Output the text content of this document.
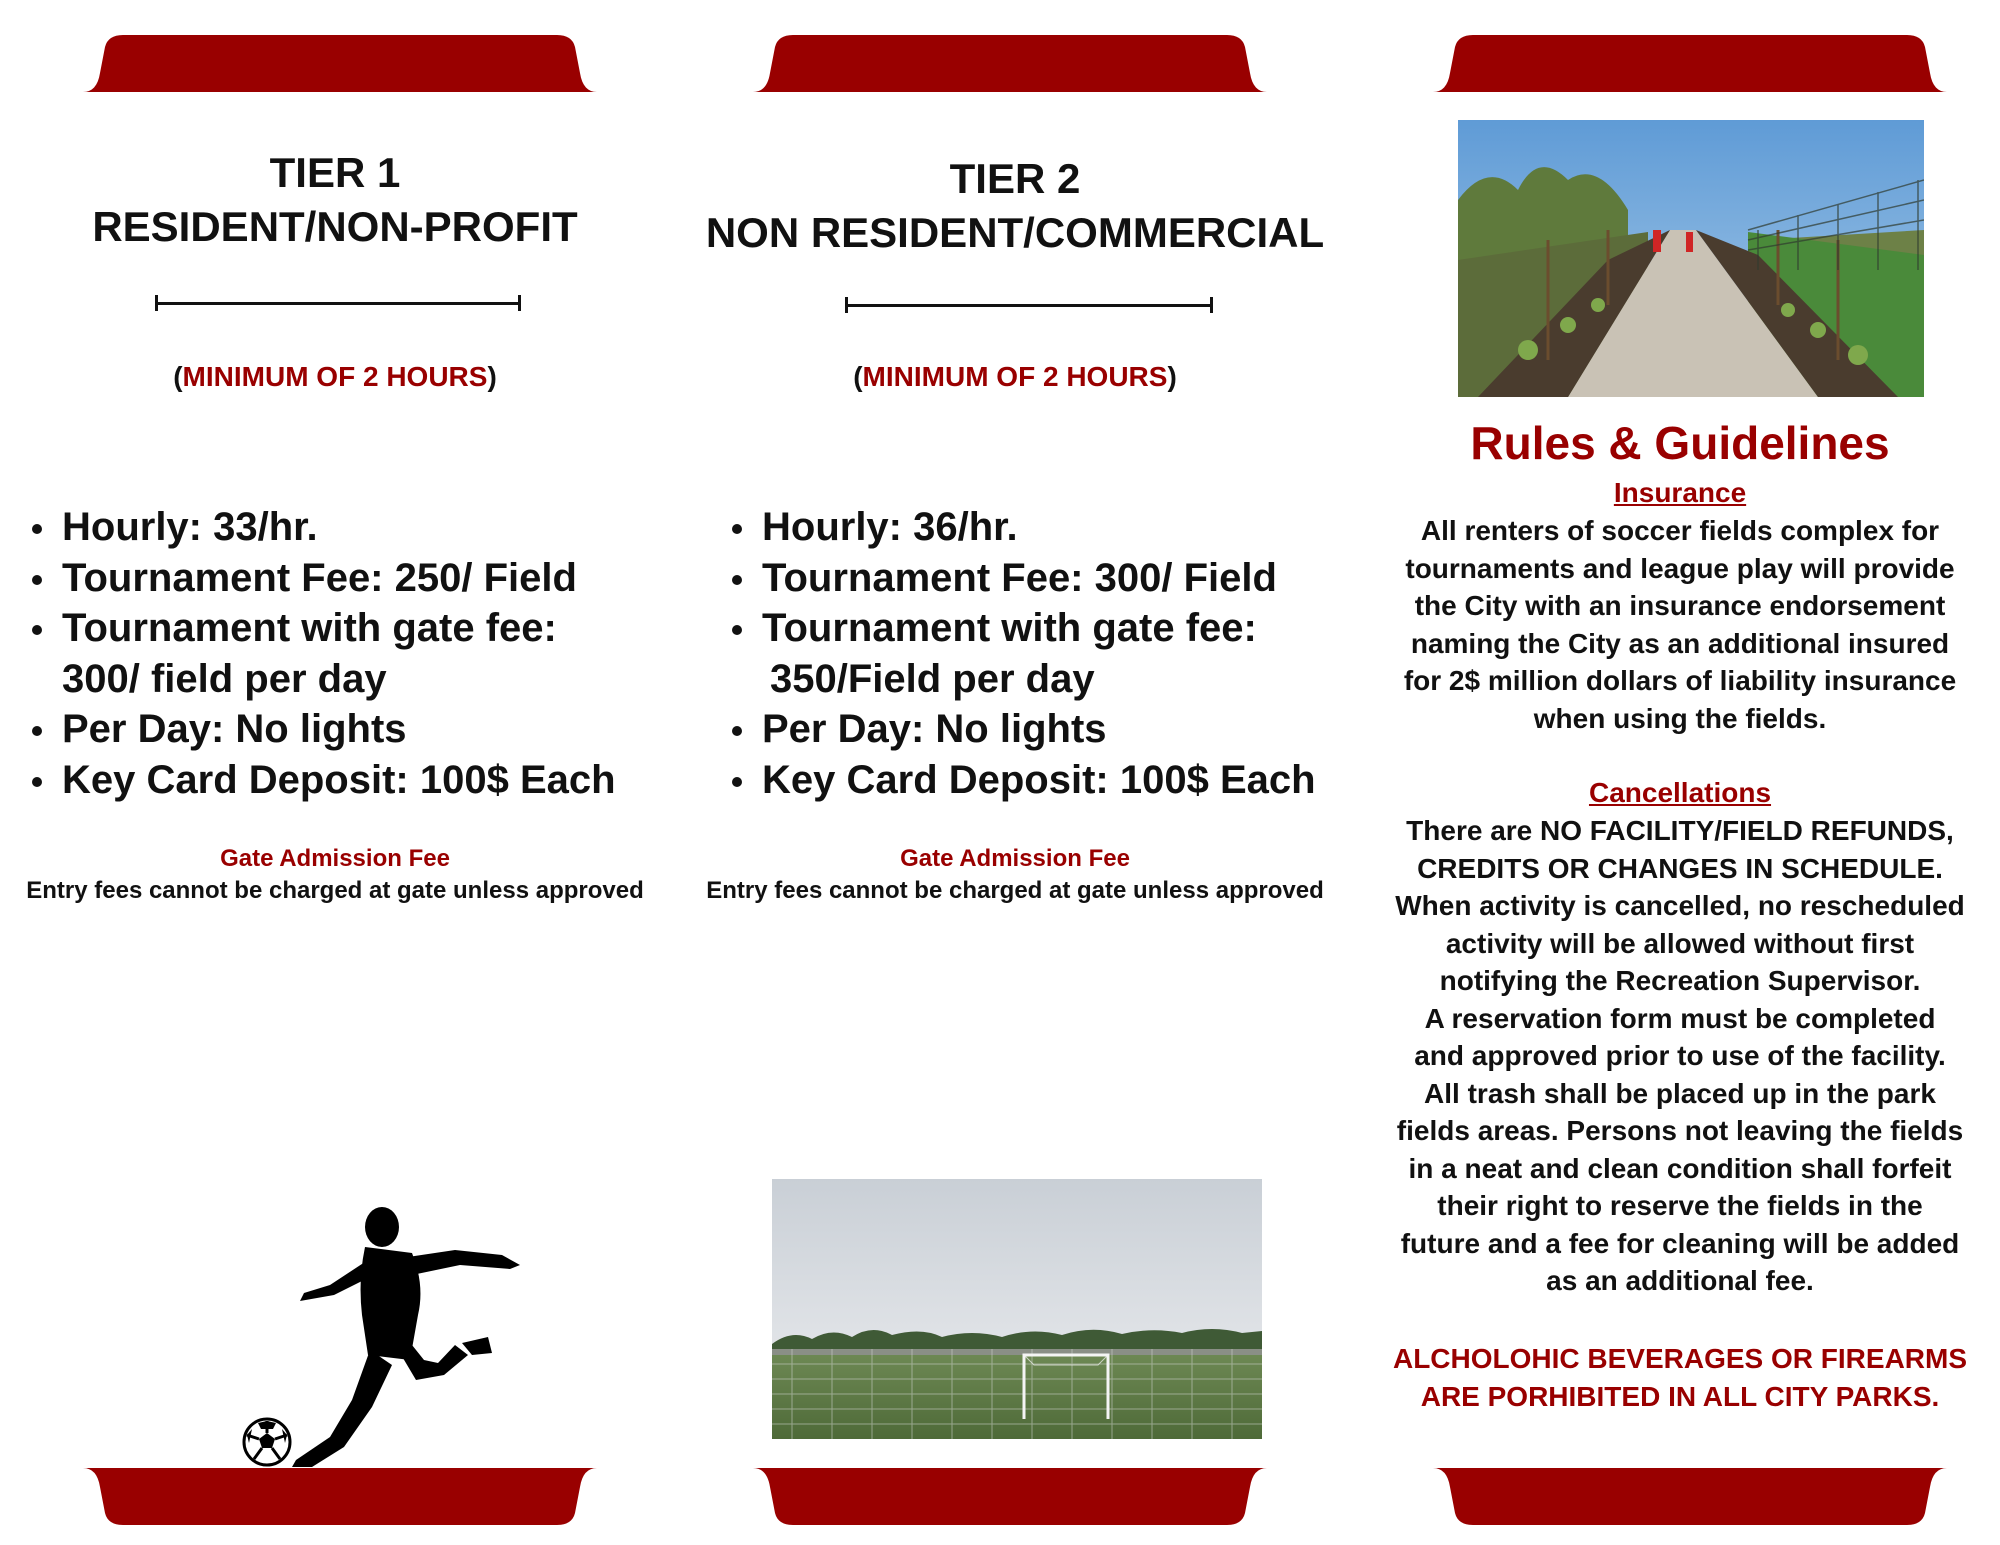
TIER 1
RESIDENT/NON-PROFIT
(MINIMUM OF 2 HOURS)
Hourly: 33/hr.
Tournament Fee: 250/ Field
Tournament with gate fee:
300/ field per day
Per Day: No lights
Key Card Deposit: 100$ Each
Gate Admission Fee
Entry fees cannot be charged at gate unless approved
TIER 2
NON RESIDENT/COMMERCIAL
(MINIMUM OF 2 HOURS)
Hourly: 36/hr.
Tournament Fee: 300/ Field
Tournament with gate fee:
350/Field per day
Per Day: No lights
Key Card Deposit: 100$ Each
Gate Admission Fee
Entry fees cannot be charged at gate unless approved
Rules & Guidelines
Insurance
All renters of soccer fields complex for
tournaments and league play will provide
the City with an insurance endorsement
naming the City as an additional insured
for 2$ million dollars of liability insurance
when using the fields.
Cancellations
There are NO FACILITY/FIELD REFUNDS,
CREDITS OR CHANGES IN SCHEDULE.
When activity is cancelled, no rescheduled
activity will be allowed without first
notifying the Recreation Supervisor.
A reservation form must be completed
and approved prior to use of the facility.
All trash shall be placed up in the park
fields areas. Persons not leaving the fields
in a neat and clean condition shall forfeit
their right to reserve the fields in the
future and a fee for cleaning will be added
as an additional fee.
ALCHOLOHIC BEVERAGES OR FIREARMS
ARE PORHIBITED IN ALL CITY PARKS.
